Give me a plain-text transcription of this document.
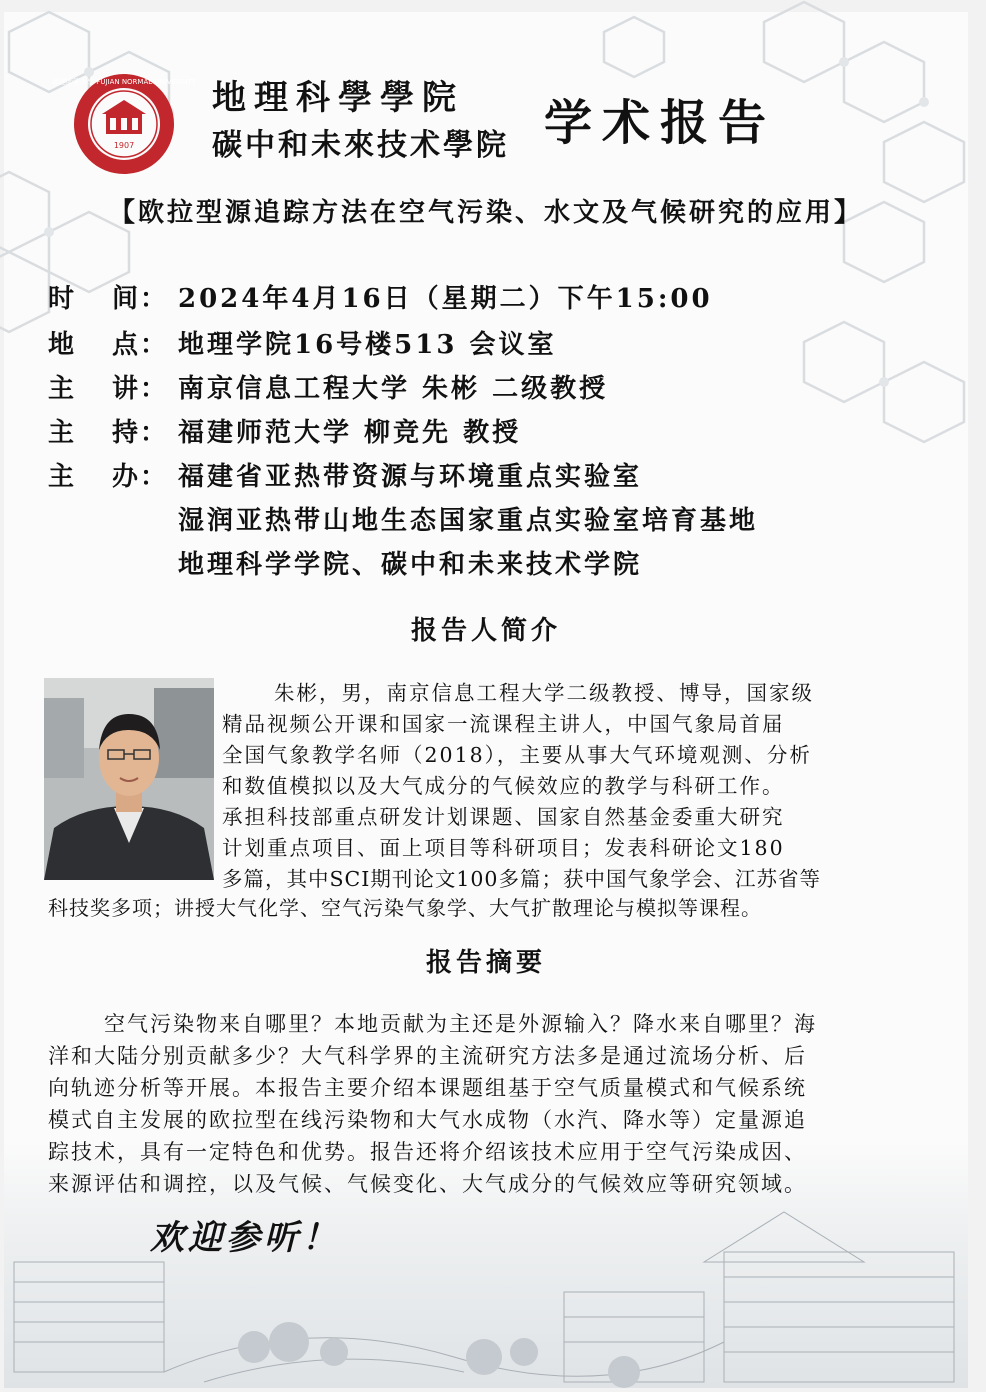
1907
福建師範大學 FUJIAN NORMAL UNIVERSITY 地理科學學院
碳中和未來技术學院 学术报告
【欧拉型源追踪方法在空气污染、水文及气候研究的应用】
时 间： 2024年4月16日（星期二）下午15:00
地 点： 地理学院16号楼513 会议室
主 讲： 南京信息工程大学 朱彬 二级教授
主 持： 福建师范大学 柳竞先 教授
主 办： 福建省亚热带资源与环境重点实验室
湿润亚热带山地生态国家重点实验室培育基地
地理科学学院、碳中和未来技术学院
报告人简介
朱彬，男，南京信息工程大学二级教授、博导，国家级
精品视频公开课和国家一流课程主讲人，中国气象局首届
全国气象教学名师（2018），主要从事大气环境观测、分析
和数值模拟以及大气成分的气候效应的教学与科研工作。
承担科技部重点研发计划课题、国家自然基金委重大研究
计划重点项目、面上项目等科研项目；发表科研论文180
多篇，其中SCI期刊论文100多篇；获中国气象学会、江苏省等
科技奖多项；讲授大气化学、空气污染气象学、大气扩散理论与模拟等课程。
报告摘要
空气污染物来自哪里？本地贡献为主还是外源输入？降水来自哪里？海
洋和大陆分别贡献多少？大气科学界的主流研究方法多是通过流场分析、后
向轨迹分析等开展。本报告主要介绍本课题组基于空气质量模式和气候系统
模式自主发展的欧拉型在线污染物和大气水成物（水汽、降水等）定量源追
踪技术，具有一定特色和优势。报告还将介绍该技术应用于空气污染成因、
来源评估和调控，以及气候、气候变化、大气成分的气候效应等研究领域。
欢迎参听！
